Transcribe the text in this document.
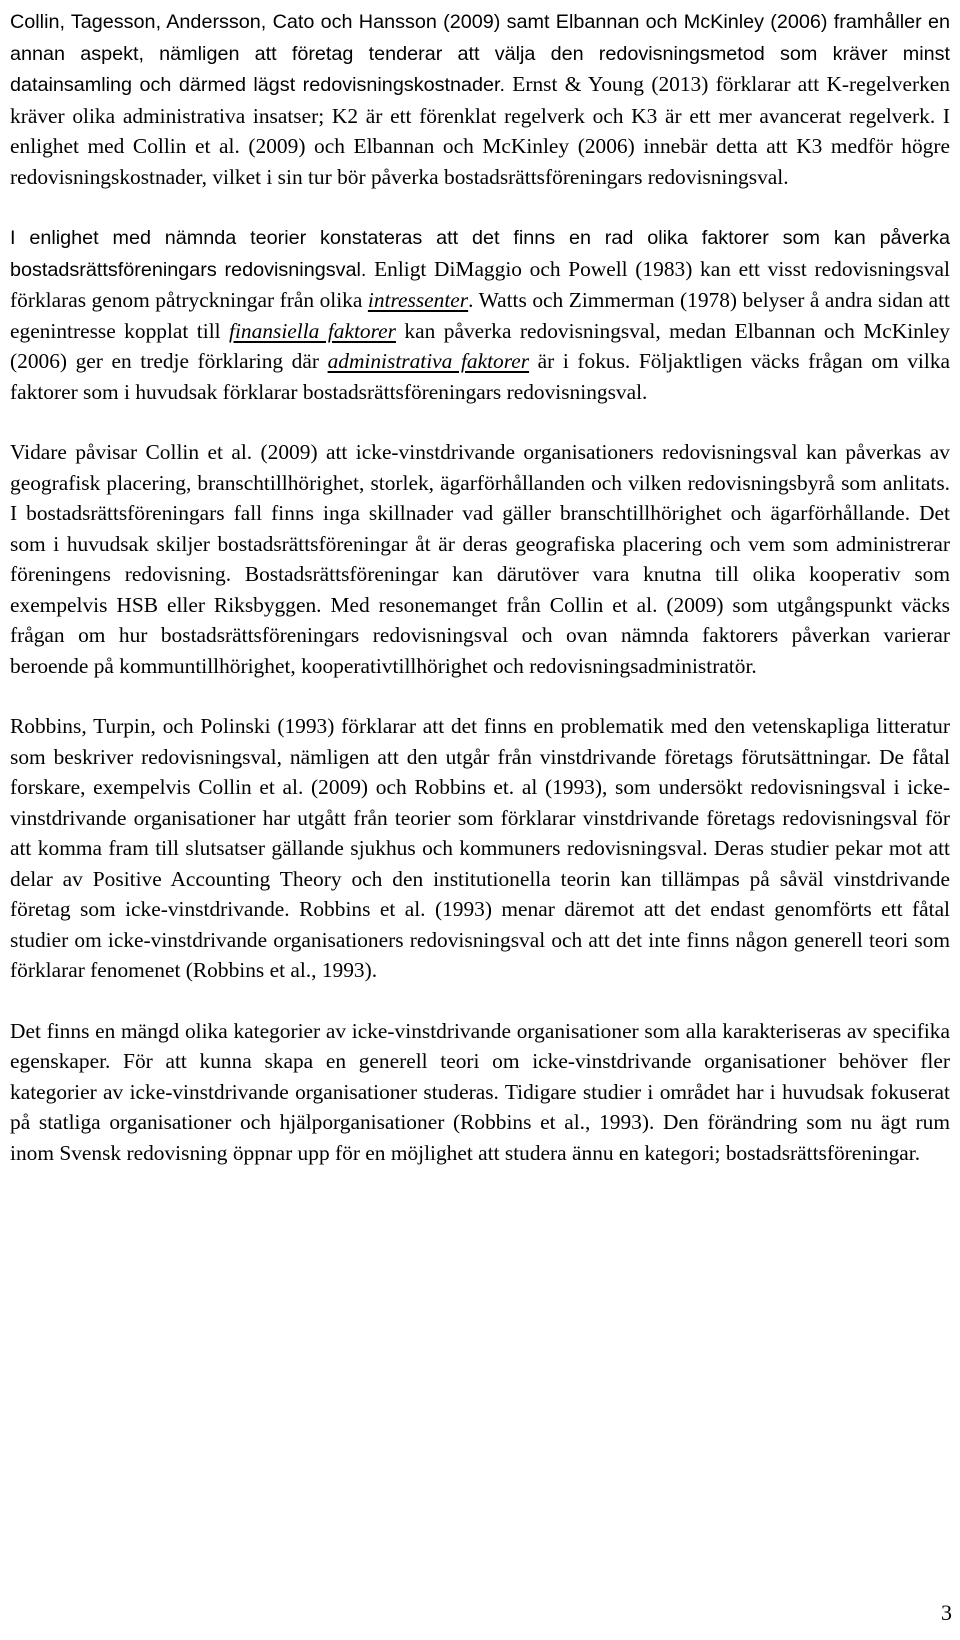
Collin, Tagesson, Andersson, Cato och Hansson (2009) samt Elbannan och McKinley (2006) framhåller en annan aspekt, nämligen att företag tenderar att välja den redovisningsmetod som kräver minst datainsamling och därmed lägst redovisningskostnader. Ernst & Young (2013) förklarar att K-regelverken kräver olika administrativa insatser; K2 är ett förenklat regelverk och K3 är ett mer avancerat regelverk. I enlighet med Collin et al. (2009) och Elbannan och McKinley (2006) innebär detta att K3 medför högre redovisningskostnader, vilket i sin tur bör påverka bostadsrättsföreningars redovisningsval.

I enlighet med nämnda teorier konstateras att det finns en rad olika faktorer som kan påverka bostadsrättsföreningars redovisningsval. Enligt DiMaggio och Powell (1983) kan ett visst redovisningsval förklaras genom påtryckningar från olika intressenter. Watts och Zimmerman (1978) belyser å andra sidan att egenintresse kopplat till finansiella faktorer kan påverka redovisningsval, medan Elbannan och McKinley (2006) ger en tredje förklaring där administrativa faktorer är i fokus. Följaktligen väcks frågan om vilka faktorer som i huvudsak förklarar bostadsrättsföreningars redovisningsval.

Vidare påvisar Collin et al. (2009) att icke-vinstdrivande organisationers redovisningsval kan påverkas av geografisk placering, branschtillhörighet, storlek, ägarförhållanden och vilken redovisningsbyrå som anlitats. I bostadsrättsföreningars fall finns inga skillnader vad gäller branschtillhörighet och ägarförhållande. Det som i huvudsak skiljer bostadsrättsföreningar åt är deras geografiska placering och vem som administrerar föreningens redovisning. Bostadsrättsföreningar kan därutöver vara knutna till olika kooperativ som exempelvis HSB eller Riksbyggen. Med resonemanget från Collin et al. (2009) som utgångspunkt väcks frågan om hur bostadsrättsföreningars redovisningsval och ovan nämnda faktorers påverkan varierar beroende på kommuntillhörighet, kooperativtillhörighet och redovisningsadministratör.

Robbins, Turpin, och Polinski (1993) förklarar att det finns en problematik med den vetenskapliga litteratur som beskriver redovisningsval, nämligen att den utgår från vinstdrivande företags förutsättningar. De fåtal forskare, exempelvis Collin et al. (2009) och Robbins et. al (1993), som undersökt redovisningsval i icke-vinstdrivande organisationer har utgått från teorier som förklarar vinstdrivande företags redovisningsval för att komma fram till slutsatser gällande sjukhus och kommuners redovisningsval. Deras studier pekar mot att delar av Positive Accounting Theory och den institutionella teorin kan tillämpas på såväl vinstdrivande företag som icke-vinstdrivande. Robbins et al. (1993) menar däremot att det endast genomförts ett fåtal studier om icke-vinstdrivande organisationers redovisningsval och att det inte finns någon generell teori som förklarar fenomenet (Robbins et al., 1993).

Det finns en mängd olika kategorier av icke-vinstdrivande organisationer som alla karakteriseras av specifika egenskaper. För att kunna skapa en generell teori om icke-vinstdrivande organisationer behöver fler kategorier av icke-vinstdrivande organisationer studeras. Tidigare studier i området har i huvudsak fokuserat på statliga organisationer och hjälporganisationer (Robbins et al., 1993). Den förändring som nu ägt rum inom Svensk redovisning öppnar upp för en möjlighet att studera ännu en kategori; bostadsrättsföreningar.

3
